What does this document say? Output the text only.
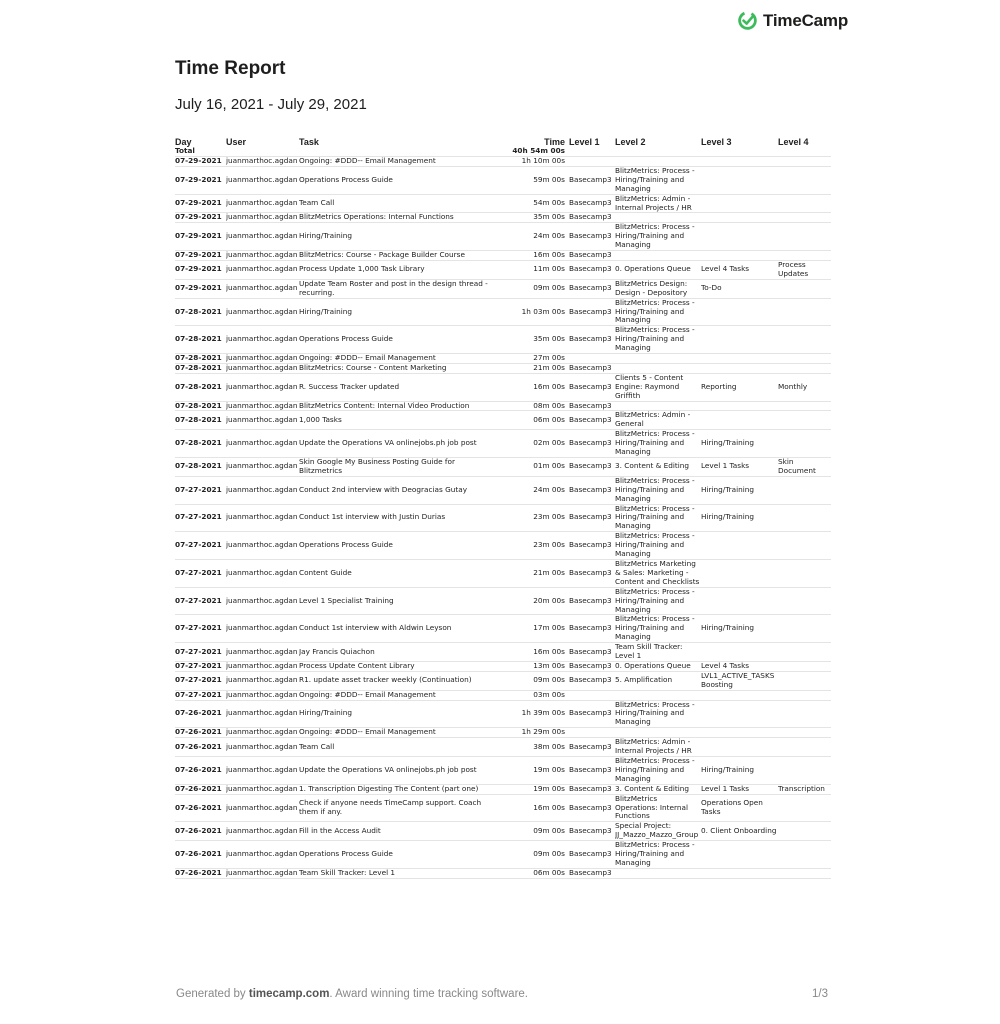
TimeCamp
Time Report
July 16, 2021 - July 29, 2021
Day	User	Task	Time	Level 1	Level 2	Level 3	Level 4
Total			40h 54m 00s				
07-29-2021	juanmarthoc.agdan	Ongoing: #DDD-- Email Management	1h 10m 00s				
07-29-2021	juanmarthoc.agdan	Operations Process Guide	59m 00s	Basecamp3	BlitzMetrics: Process - Hiring/Training and Managing		
07-29-2021	juanmarthoc.agdan	Team Call	54m 00s	Basecamp3	BlitzMetrics: Admin - Internal Projects / HR		
07-29-2021	juanmarthoc.agdan	BlitzMetrics Operations: Internal Functions	35m 00s	Basecamp3			
07-29-2021	juanmarthoc.agdan	Hiring/Training	24m 00s	Basecamp3	BlitzMetrics: Process - Hiring/Training and Managing		
07-29-2021	juanmarthoc.agdan	BlitzMetrics: Course - Package Builder Course	16m 00s	Basecamp3			
07-29-2021	juanmarthoc.agdan	Process Update 1,000 Task Library	11m 00s	Basecamp3	0. Operations Queue	Level 4 Tasks	Process Updates
07-29-2021	juanmarthoc.agdan	Update Team Roster and post in the design thread - recurring.	09m 00s	Basecamp3	BlitzMetrics Design: Design - Depository	To-Do	
07-28-2021	juanmarthoc.agdan	Hiring/Training	1h 03m 00s	Basecamp3	BlitzMetrics: Process - Hiring/Training and Managing		
07-28-2021	juanmarthoc.agdan	Operations Process Guide	35m 00s	Basecamp3	BlitzMetrics: Process - Hiring/Training and Managing		
07-28-2021	juanmarthoc.agdan	Ongoing: #DDD-- Email Management	27m 00s				
07-28-2021	juanmarthoc.agdan	BlitzMetrics: Course - Content Marketing	21m 00s	Basecamp3			
07-28-2021	juanmarthoc.agdan	R. Success Tracker updated	16m 00s	Basecamp3	Clients 5 - Content Engine: Raymond Griffith	Reporting	Monthly
07-28-2021	juanmarthoc.agdan	BlitzMetrics Content: Internal Video Production	08m 00s	Basecamp3			
07-28-2021	juanmarthoc.agdan	1,000 Tasks	06m 00s	Basecamp3	BlitzMetrics: Admin - General		
07-28-2021	juanmarthoc.agdan	Update the Operations VA onlinejobs.ph job post	02m 00s	Basecamp3	BlitzMetrics: Process - Hiring/Training and Managing	Hiring/Training	
07-28-2021	juanmarthoc.agdan	Skin Google My Business Posting Guide for Blitzmetrics	01m 00s	Basecamp3	3. Content & Editing	Level 1 Tasks	Skin Document
07-27-2021	juanmarthoc.agdan	Conduct 2nd interview with Deogracias Gutay	24m 00s	Basecamp3	BlitzMetrics: Process - Hiring/Training and Managing	Hiring/Training	
07-27-2021	juanmarthoc.agdan	Conduct 1st interview with Justin Durias	23m 00s	Basecamp3	BlitzMetrics: Process - Hiring/Training and Managing	Hiring/Training	
07-27-2021	juanmarthoc.agdan	Operations Process Guide	23m 00s	Basecamp3	BlitzMetrics: Process - Hiring/Training and Managing		
07-27-2021	juanmarthoc.agdan	Content Guide	21m 00s	Basecamp3	BlitzMetrics Marketing & Sales: Marketing - Content and Checklists		
07-27-2021	juanmarthoc.agdan	Level 1 Specialist Training	20m 00s	Basecamp3	BlitzMetrics: Process - Hiring/Training and Managing		
07-27-2021	juanmarthoc.agdan	Conduct 1st interview with Aldwin Leyson	17m 00s	Basecamp3	BlitzMetrics: Process - Hiring/Training and Managing	Hiring/Training	
07-27-2021	juanmarthoc.agdan	Jay Francis Quiachon	16m 00s	Basecamp3	Team Skill Tracker: Level 1		
07-27-2021	juanmarthoc.agdan	Process Update Content Library	13m 00s	Basecamp3	0. Operations Queue	Level 4 Tasks	
07-27-2021	juanmarthoc.agdan	R1. update asset tracker weekly (Continuation)	09m 00s	Basecamp3	5. Amplification	LVL1_ACTIVE_TASKS Boosting	
07-27-2021	juanmarthoc.agdan	Ongoing: #DDD-- Email Management	03m 00s				
07-26-2021	juanmarthoc.agdan	Hiring/Training	1h 39m 00s	Basecamp3	BlitzMetrics: Process - Hiring/Training and Managing		
07-26-2021	juanmarthoc.agdan	Ongoing: #DDD-- Email Management	1h 29m 00s				
07-26-2021	juanmarthoc.agdan	Team Call	38m 00s	Basecamp3	BlitzMetrics: Admin - Internal Projects / HR		
07-26-2021	juanmarthoc.agdan	Update the Operations VA onlinejobs.ph job post	19m 00s	Basecamp3	BlitzMetrics: Process - Hiring/Training and Managing	Hiring/Training	
07-26-2021	juanmarthoc.agdan	1. Transcription Digesting The Content (part one)	19m 00s	Basecamp3	3. Content & Editing	Level 1 Tasks	Transcription
07-26-2021	juanmarthoc.agdan	Check if anyone needs TimeCamp support. Coach them if any.	16m 00s	Basecamp3	BlitzMetrics Operations: Internal Functions	Operations Open Tasks	
07-26-2021	juanmarthoc.agdan	Fill in the Access Audit	09m 00s	Basecamp3	Special Project: JJ_Mazzo_Mazzo_Group	0. Client Onboarding	
07-26-2021	juanmarthoc.agdan	Operations Process Guide	09m 00s	Basecamp3	BlitzMetrics: Process - Hiring/Training and Managing		
07-26-2021	juanmarthoc.agdan	Team Skill Tracker: Level 1	06m 00s	Basecamp3			
Generated by timecamp.com. Award winning time tracking software.	1/3
